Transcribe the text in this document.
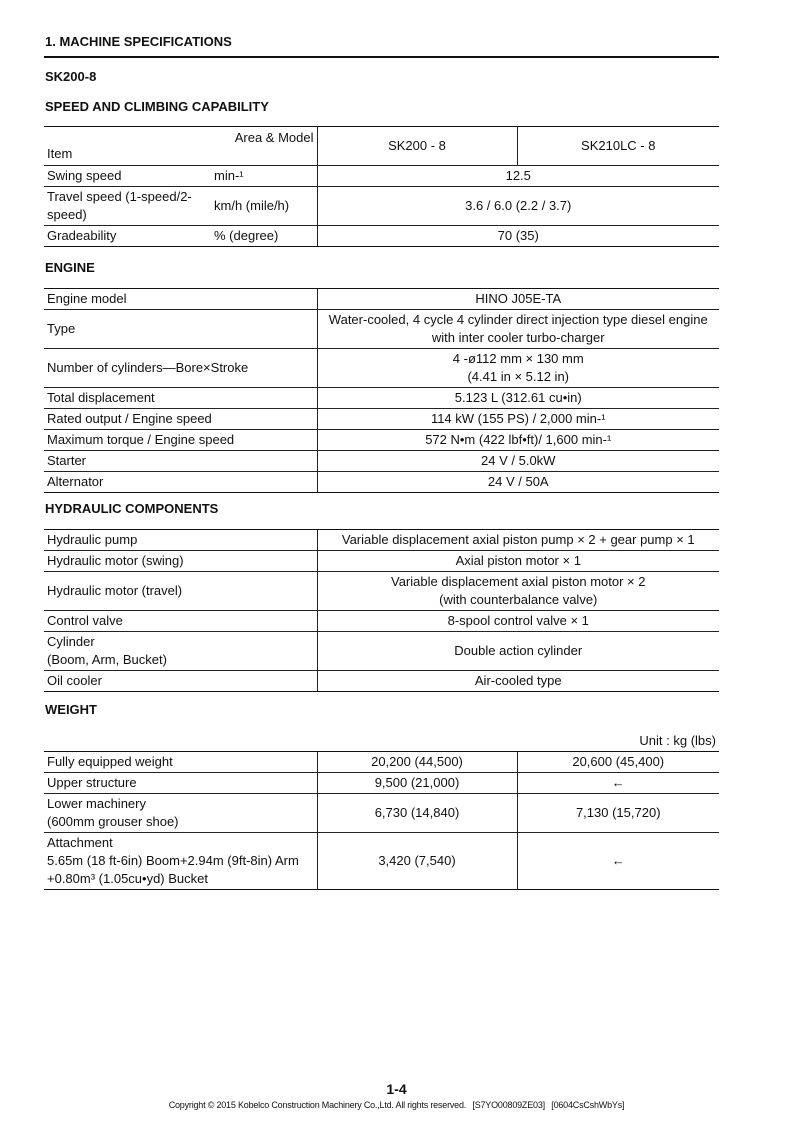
1. MACHINE SPECIFICATIONS
SK200-8
SPEED AND CLIMBING CAPABILITY
Area & Model
Item		SK200 - 8	SK210LC - 8
Swing speed	min-¹	12.5	
Travel speed (1-speed/2-speed)	km/h (mile/h)	3.6 / 6.0 (2.2 / 3.7)	
Gradeability	% (degree)	70 (35)	
ENGINE
Engine model	HINO J05E-TA
Type	Water-cooled, 4 cycle 4 cylinder direct injection type diesel engine
with inter cooler turbo-charger

Number of cylinders—Bore×Stroke	4 -ø112 mm × 130 mm
(4.41 in × 5.12 in)

Total displacement	5.123 L (312.61 cu•in)
Rated output / Engine speed	114 kW (155 PS) / 2,000 min-¹
Maximum torque / Engine speed	572 N•m (422 lbf•ft)/ 1,600 min-¹
Starter	24 V / 5.0kW
Alternator	24 V / 50A
HYDRAULIC COMPONENTS
Hydraulic pump	Variable displacement axial piston pump × 2 + gear pump × 1
Hydraulic motor (swing)	Axial piston motor × 1
Hydraulic motor (travel)	Variable displacement axial piston motor × 2
(with counterbalance valve)

Control valve	8-spool control valve × 1

Cylinder
(Boom, Arm, Bucket)	Double action cylinder
Oil cooler	Air-cooled type
WEIGHT
Unit : kg (lbs)
Fully equipped weight	20,200 (44,500)	20,600 (45,400)
Upper structure	9,500 (21,000)	←

Lower machinery
(600mm grouser shoe)	6,730 (14,840)	7,130 (15,720)

Attachment
5.65m (18 ft-6in) Boom+2.94m (9ft-8in) Arm
+0.80m³ (1.05cu•yd) Bucket	3,420 (7,540)	←
1-4
Copyright © 2015 Kobelco Construction Machinery Co.,Ltd. All rights reserved. [S7YO00809ZE03] [0604CsCshWbYs]
